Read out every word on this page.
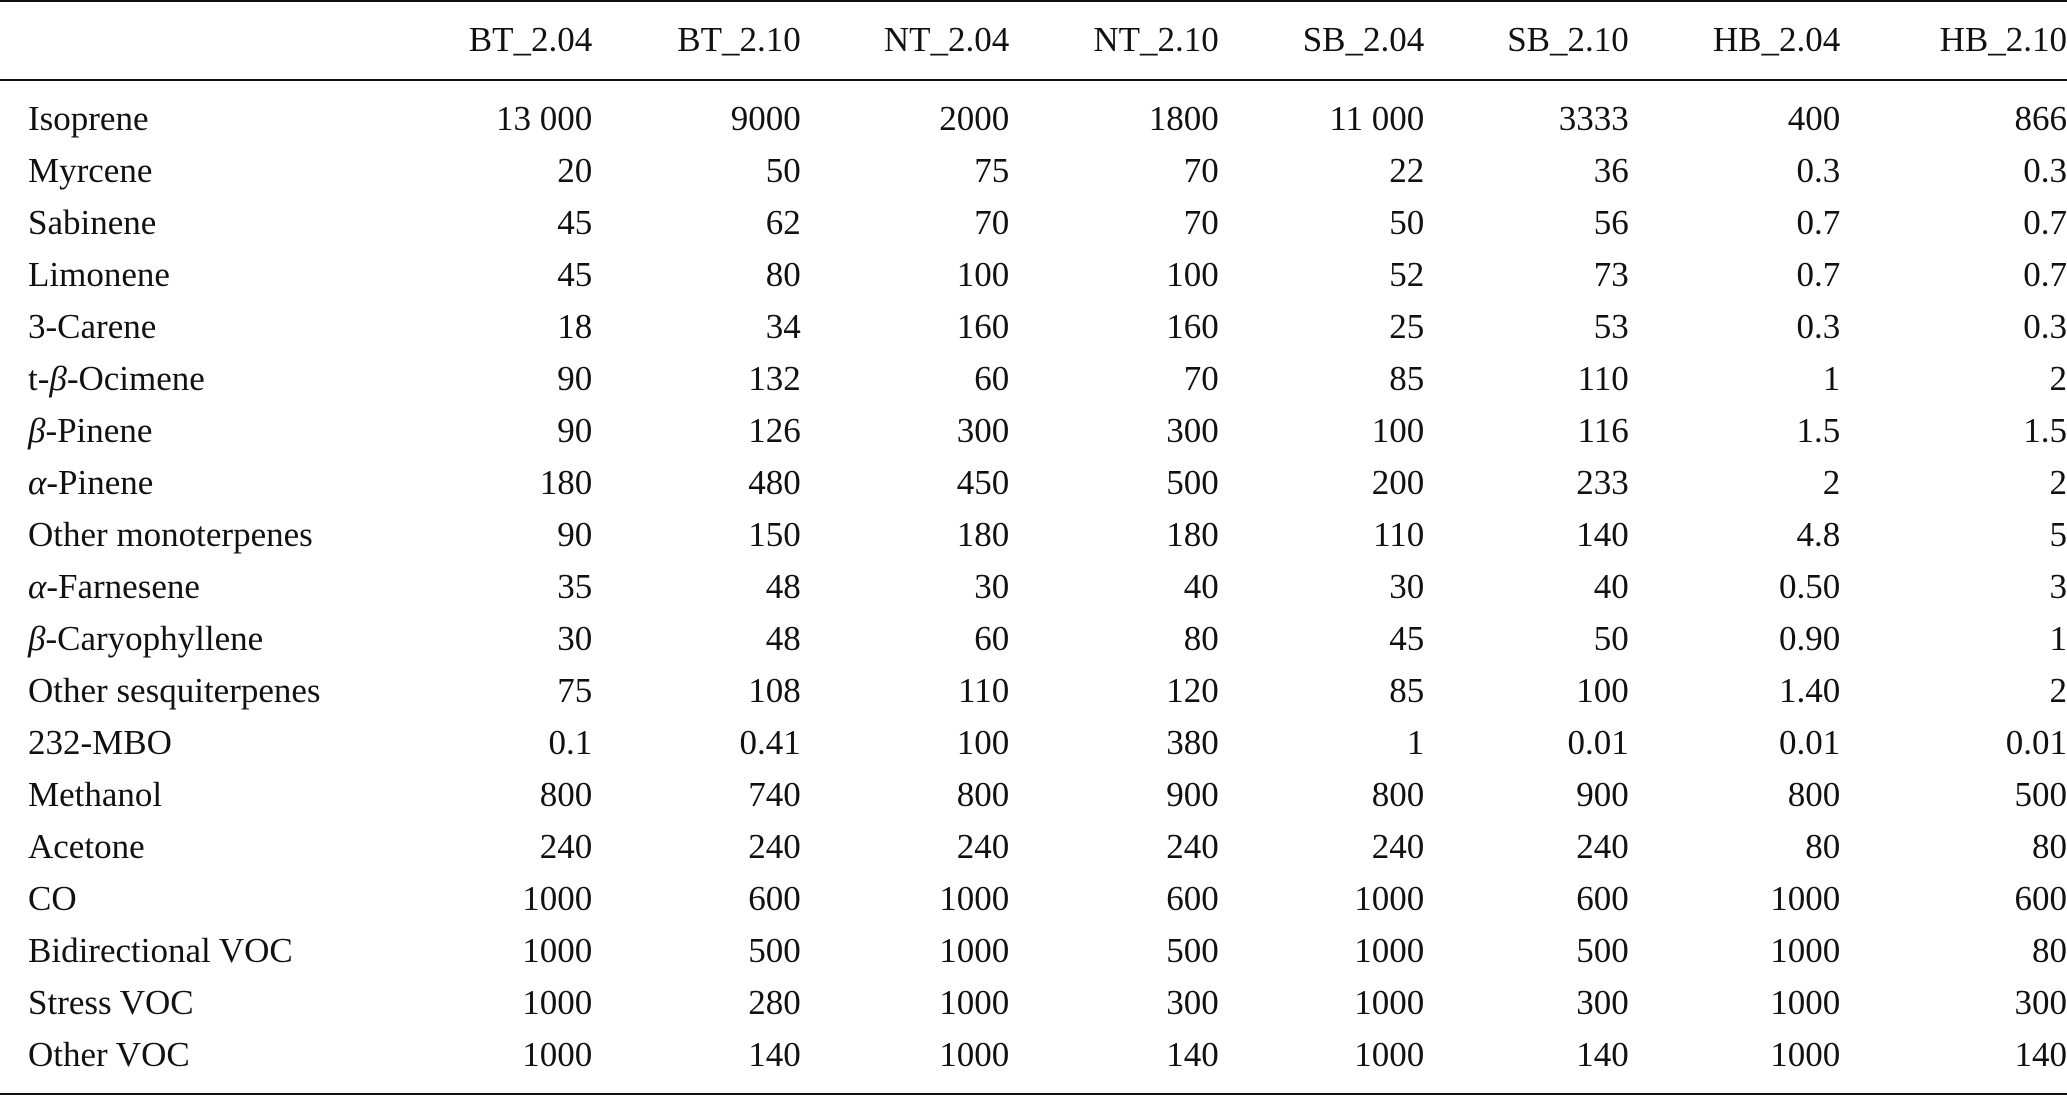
	BT_2.04	BT_2.10	NT_2.04	NT_2.10	SB_2.04	SB_2.10	HB_2.04	HB_2.10

Isoprene	13 000	9000	2000	1800	11 000	3333	400	866
Myrcene	20	50	75	70	22	36	0.3	0.3
Sabinene	45	62	70	70	50	56	0.7	0.7
Limonene	45	80	100	100	52	73	0.7	0.7
3-Carene	18	34	160	160	25	53	0.3	0.3
t-β-Ocimene	90	132	60	70	85	110	1	2
β-Pinene	90	126	300	300	100	116	1.5	1.5
α-Pinene	180	480	450	500	200	233	2	2
Other monoterpenes	90	150	180	180	110	140	4.8	5
α-Farnesene	35	48	30	40	30	40	0.50	3
β-Caryophyllene	30	48	60	80	45	50	0.90	1
Other sesquiterpenes	75	108	110	120	85	100	1.40	2
232-MBO	0.1	0.41	100	380	1	0.01	0.01	0.01
Methanol	800	740	800	900	800	900	800	500
Acetone	240	240	240	240	240	240	80	80
CO	1000	600	1000	600	1000	600	1000	600
Bidirectional VOC	1000	500	1000	500	1000	500	1000	80
Stress VOC	1000	280	1000	300	1000	300	1000	300
Other VOC	1000	140	1000	140	1000	140	1000	140
